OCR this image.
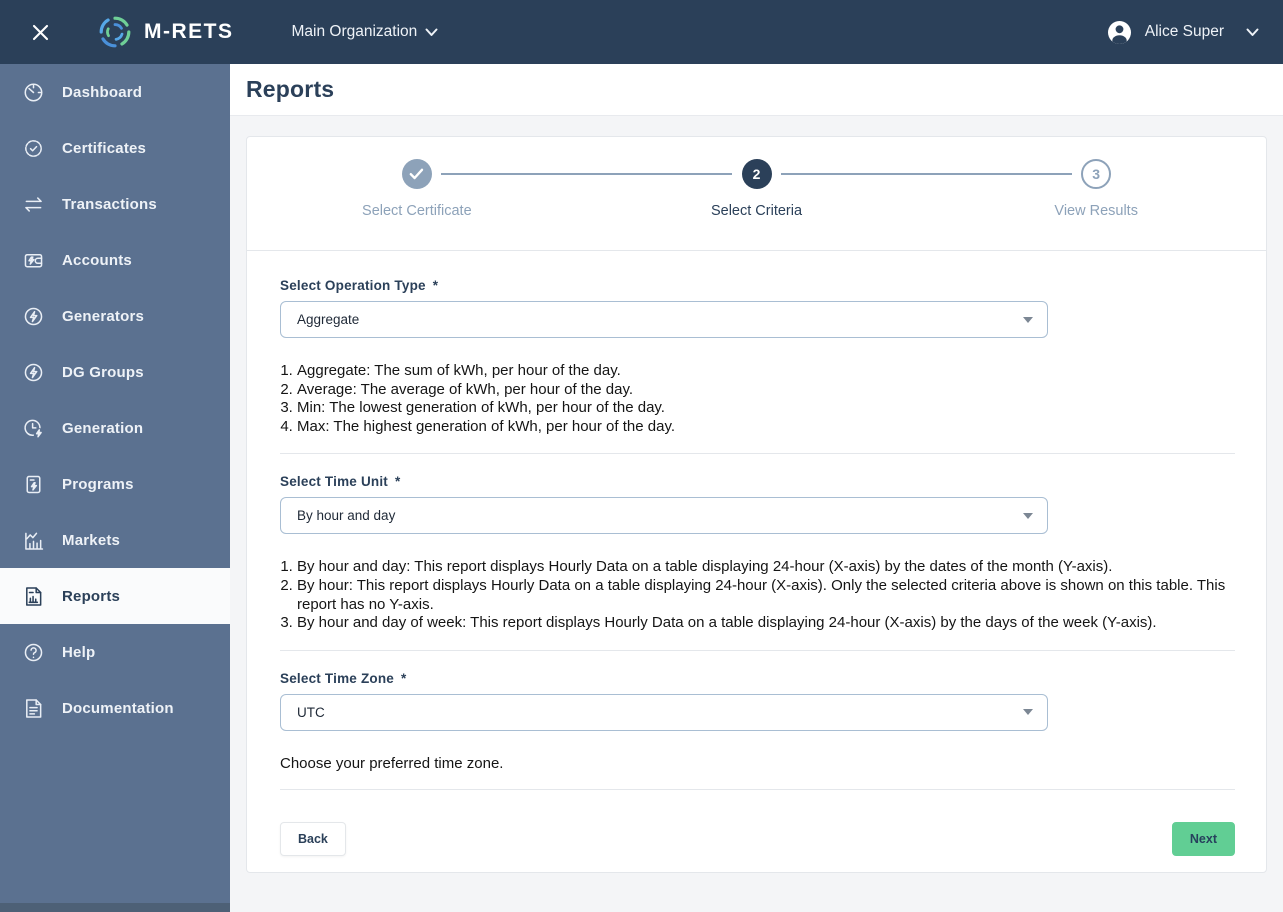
M-RETS	Main Organization	Alice Super
Dashboard
Certificates
Transactions
Accounts
Generators
DG Groups
Generation
Programs
Markets
Reports
Help
Documentation
Reports
Select Certificate
2
Select Criteria
3
View Results
Select Operation Type *
Aggregate
1. Aggregate: The sum of kWh, per hour of the day.
2. Average: The average of kWh, per hour of the day.
3. Min: The lowest generation of kWh, per hour of the day.
4. Max: The highest generation of kWh, per hour of the day.
Select Time Unit *
By hour and day
1. By hour and day: This report displays Hourly Data on a table displaying 24-hour (X-axis) by the dates of the month (Y-axis).
2. By hour: This report displays Hourly Data on a table displaying 24-hour (X-axis). Only the selected criteria above is shown on this table. This report has no Y-axis.
3. By hour and day of week: This report displays Hourly Data on a table displaying 24-hour (X-axis) by the days of the week (Y-axis).
Select Time Zone *
UTC
Choose your preferred time zone.
Back	Next
